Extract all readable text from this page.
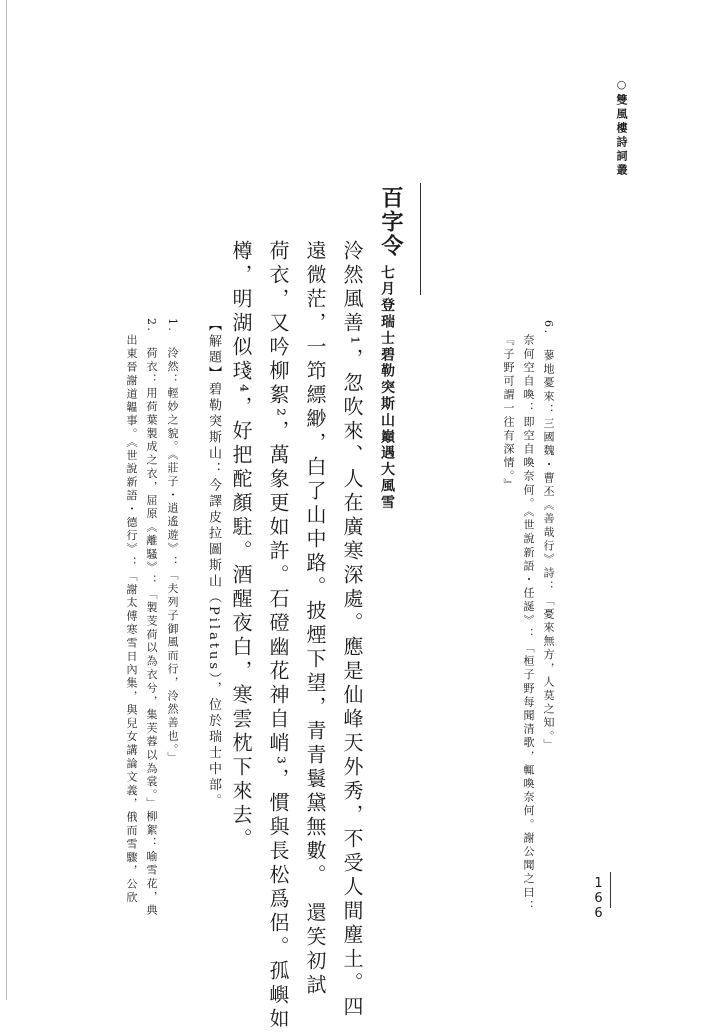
○雙風樓詩詞叢
6.　蓼地憂來：三國魏・曹丕《善哉行》詩：「憂來無方，人莫之知。」
奈何空自喚：即空自喚奈何。《世說新語・任誕》：「桓子野每聞清歌，輒喚奈何。謝公聞之曰：
『子野可謂一往有深情。』
百字令
七月登瑞士碧勒突斯山巔遇大風雪
泠然風善¹，忽吹來、人在廣寒深處。應是仙峰天外秀，不受人間塵土。四
遠微茫，一笻縹緲，白了山中路。披煙下望，青青鬟黛無數。　還笑初試
荷衣，又吟柳絮²，萬象更如許。石磴幽花神自峭³，慣與長松爲侶。孤嶼如
樽，明湖似琖⁴，好把酡顏駐。酒醒夜白，寒雲枕下來去。
【解題】碧勒突斯山：今譯皮拉圖斯山（Pilatus），位於瑞士中部。
1.　泠然：輕妙之貌。《莊子・逍遙遊》：「夫列子御風而行，泠然善也。」
2.　荷衣：用荷葉製成之衣，屈原《離騷》：「製芰荷以為衣兮，集芙蓉以為裳。」柳絮：喻雪花，典
出東晉謝道韞事。《世說新語・德行》：「謝太傅寒雪日內集，與兒女講論文義，俄而雪驟，公欣	166
